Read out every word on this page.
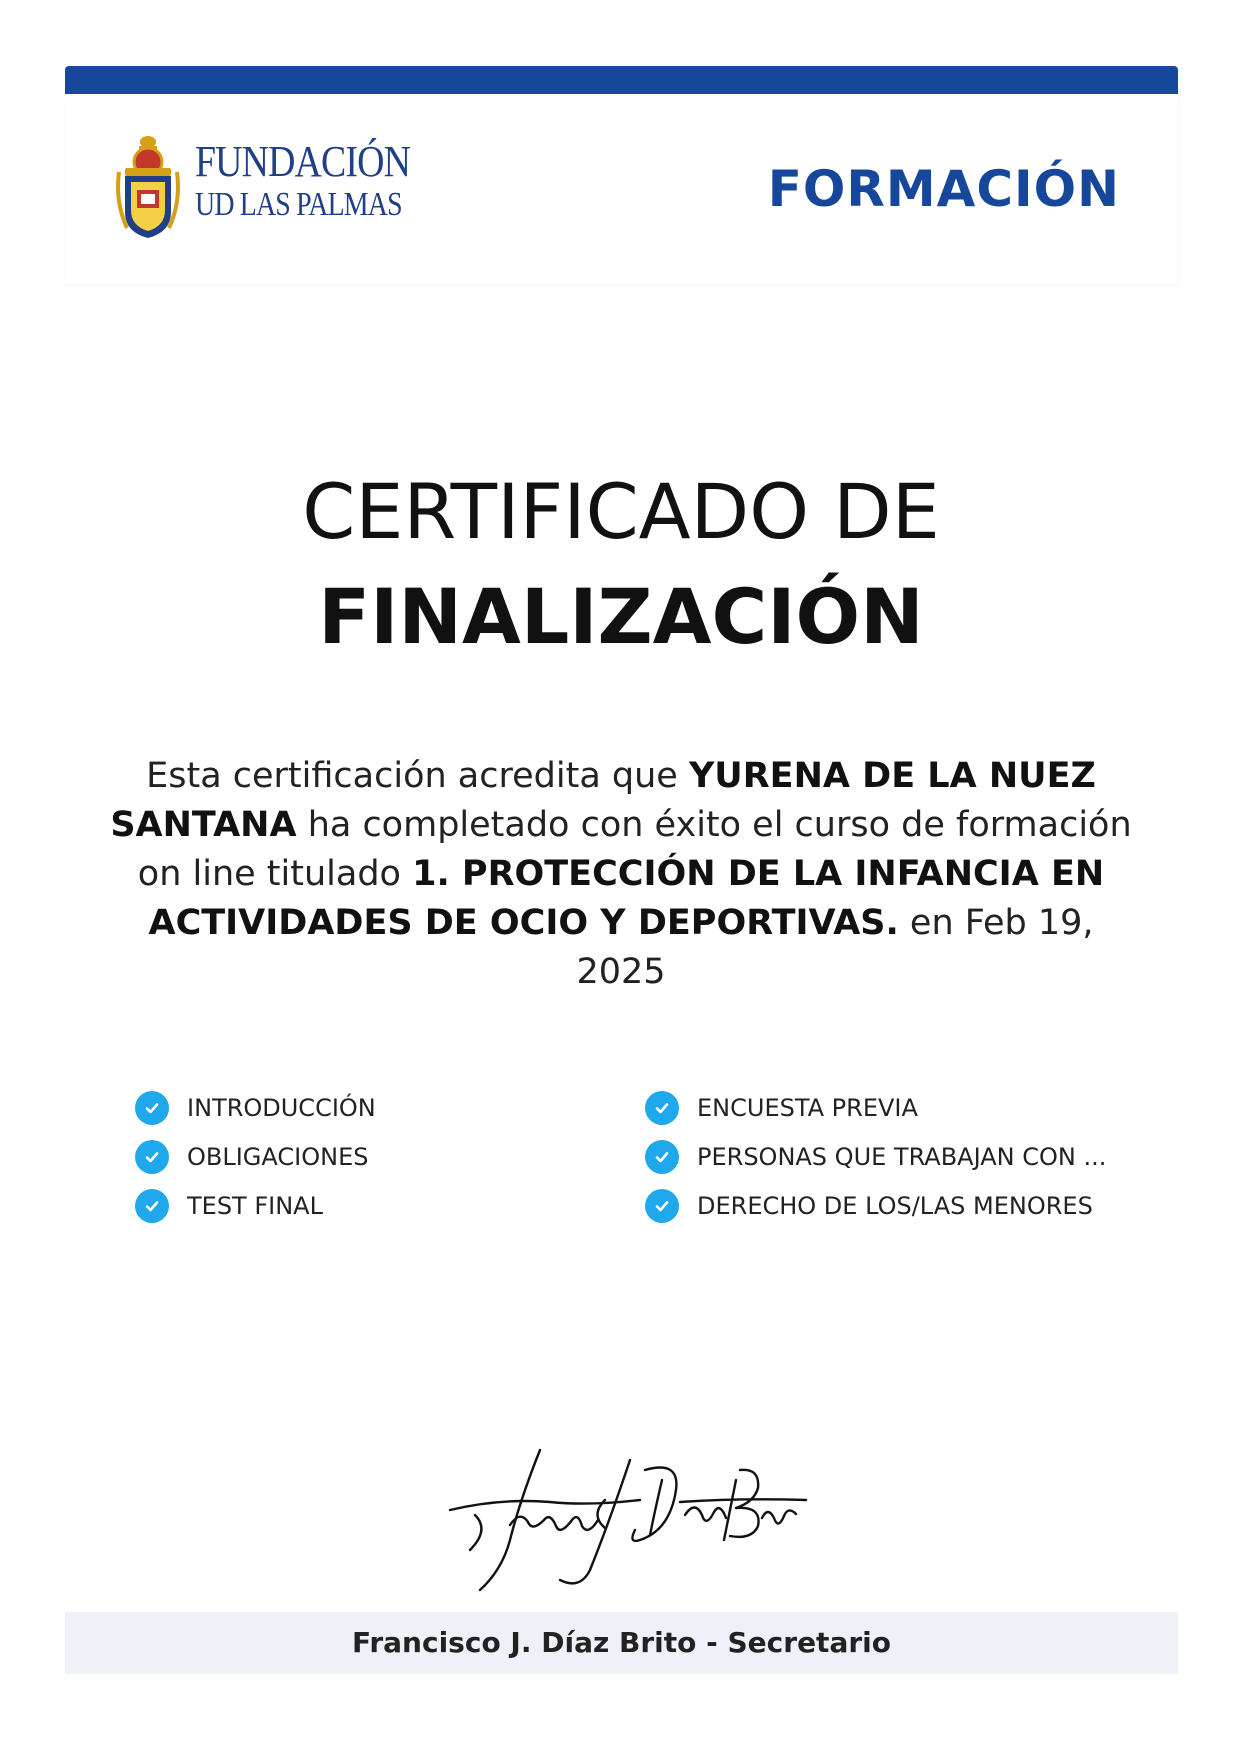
FUNDACIÓN
UD LAS PALMAS	FORMACIÓN
CERTIFICADO DE
FINALIZACIÓN
Esta certificación acredita que YURENA DE LA NUEZ SANTANA ha completado con éxito el curso de formación on line titulado 1. PROTECCIÓN DE LA INFANCIA EN ACTIVIDADES DE OCIO Y DEPORTIVAS. en Feb 19, 2025
INTRODUCCIÓN
OBLIGACIONES
TEST FINAL
ENCUESTA PREVIA
PERSONAS QUE TRABAJAN CON ...
DERECHO DE LOS/LAS MENORES
Francisco J. Díaz Brito - Secretario
